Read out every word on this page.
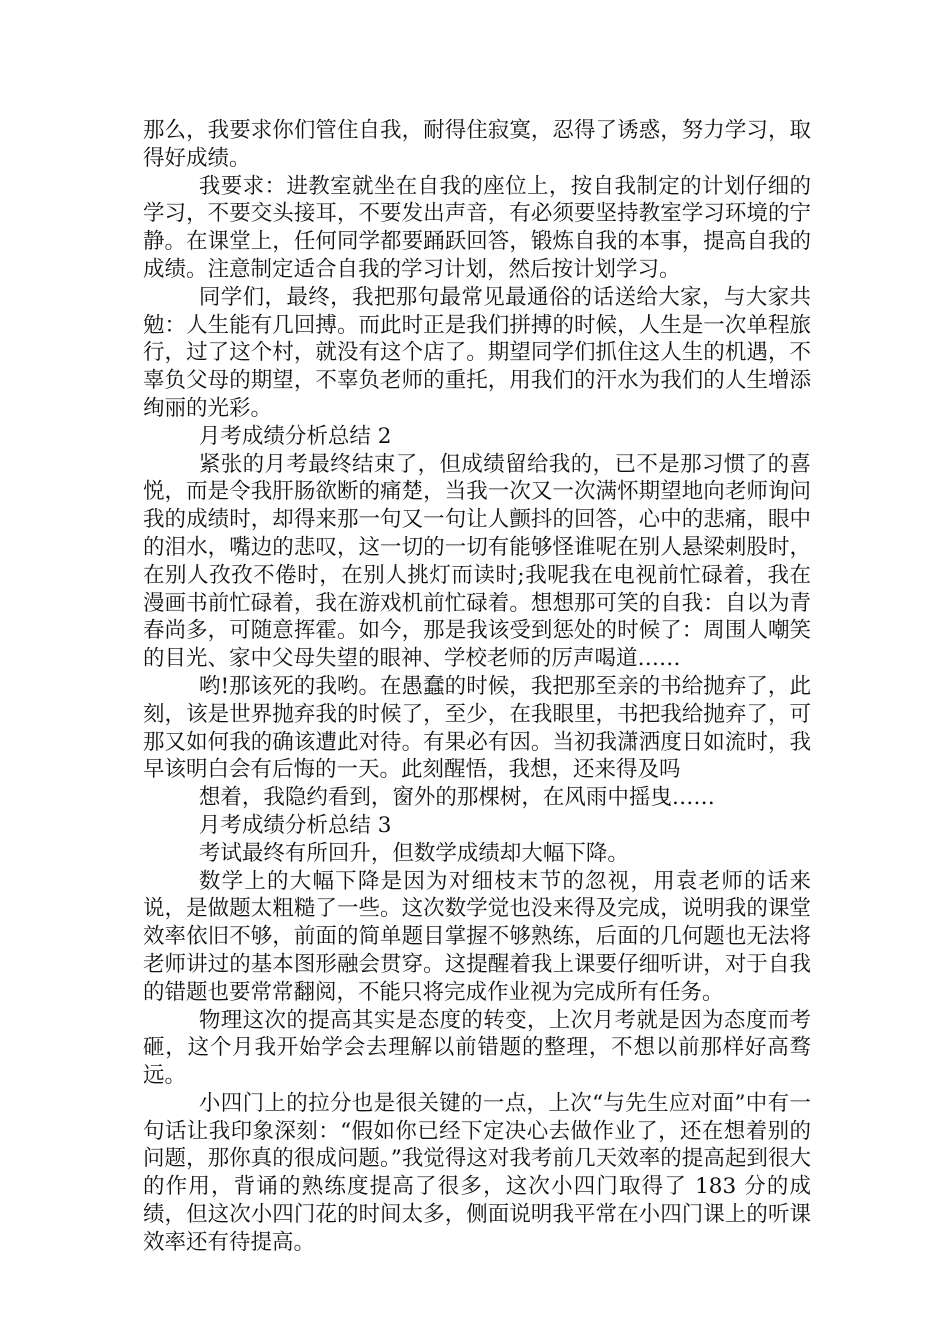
那么，我要求你们管住自我，耐得住寂寞，忍得了诱惑，努力学习，取得好成绩。

我要求：进教室就坐在自我的座位上，按自我制定的计划仔细的学习，不要交头接耳，不要发出声音，有必须要坚持教室学习环境的宁静。在课堂上，任何同学都要踊跃回答，锻炼自我的本事，提高自我的成绩。注意制定适合自我的学习计划，然后按计划学习。

同学们，最终，我把那句最常见最通俗的话送给大家，与大家共勉：人生能有几回搏。而此时正是我们拼搏的时候，人生是一次单程旅行，过了这个村，就没有这个店了。期望同学们抓住这人生的机遇，不辜负父母的期望，不辜负老师的重托，用我们的汗水为我们的人生增添绚丽的光彩。

月考成绩分析总结 2

紧张的月考最终结束了，但成绩留给我的，已不是那习惯了的喜悦，而是令我肝肠欲断的痛楚，当我一次又一次满怀期望地向老师询问我的成绩时，却得来那一句又一句让人颤抖的回答，心中的悲痛，眼中的泪水，嘴边的悲叹，这一切的一切有能够怪谁呢在别人悬梁刺股时，在别人孜孜不倦时，在别人挑灯而读时;我呢我在电视前忙碌着，我在漫画书前忙碌着，我在游戏机前忙碌着。想想那可笑的自我：自以为青春尚多，可随意挥霍。如今，那是我该受到惩处的时候了：周围人嘲笑的目光、家中父母失望的眼神、学校老师的厉声喝道……

哟!那该死的我哟。在愚蠢的时候，我把那至亲的书给抛弃了，此刻，该是世界抛弃我的时候了，至少，在我眼里，书把我给抛弃了，可那又如何我的确该遭此对待。有果必有因。当初我潇洒度日如流时，我早该明白会有后悔的一天。此刻醒悟，我想，还来得及吗

想着，我隐约看到，窗外的那棵树，在风雨中摇曳……

月考成绩分析总结 3

考试最终有所回升，但数学成绩却大幅下降。

数学上的大幅下降是因为对细枝末节的忽视，用袁老师的话来说，是做题太粗糙了一些。这次数学觉也没来得及完成，说明我的课堂效率依旧不够，前面的简单题目掌握不够熟练，后面的几何题也无法将老师讲过的基本图形融会贯穿。这提醒着我上课要仔细听讲，对于自我的错题也要常常翻阅，不能只将完成作业视为完成所有任务。

物理这次的提高其实是态度的转变，上次月考就是因为态度而考砸，这个月我开始学会去理解以前错题的整理，不想以前那样好高骛远。

小四门上的拉分也是很关键的一点，上次“与先生应对面”中有一句话让我印象深刻：“假如你已经下定决心去做作业了，还在想着别的问题，那你真的很成问题。”我觉得这对我考前几天效率的提高起到很大的作用，背诵的熟练度提高了很多，这次小四门取得了 183 分的成绩，但这次小四门花的时间太多，侧面说明我平常在小四门课上的听课效率还有待提高。
